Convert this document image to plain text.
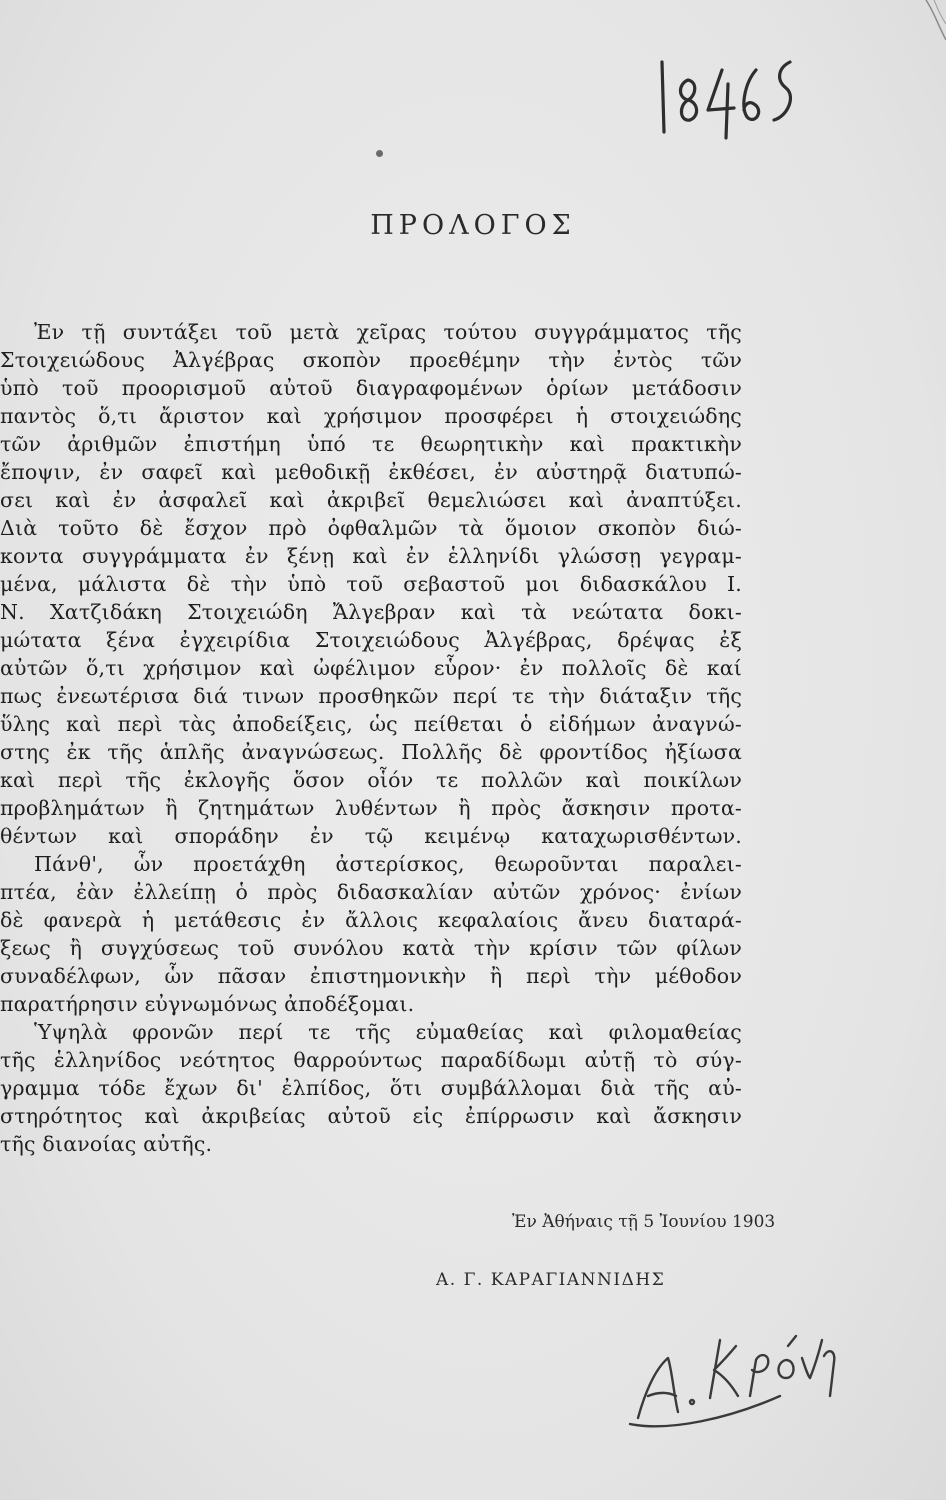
ΠΡΟΛΟΓΟΣ
Ἐν τῇ συντάξει τοῦ μετὰ χεῖρας τούτου συγγράμματος τῆς
Στοιχειώδους Ἀλγέβρας σκοπὸν προεθέμην τὴν ἐντὸς τῶν
ὑπὸ τοῦ προορισμοῦ αὐτοῦ διαγραφομένων ὁρίων μετάδοσιν
παντὸς ὅ,τι ἄριστον καὶ χρήσιμον προσφέρει ἡ στοιχειώδης
τῶν ἀριθμῶν ἐπιστήμη ὑπό τε θεωρητικὴν καὶ πρακτικὴν
ἔποψιν, ἐν σαφεῖ καὶ μεθοδικῇ ἐκθέσει, ἐν αὐστηρᾷ διατυπώ-
σει καὶ ἐν ἀσφαλεῖ καὶ ἀκριβεῖ θεμελιώσει καὶ ἀναπτύξει.
Διὰ τοῦτο δὲ ἔσχον πρὸ ὀφθαλμῶν τὰ ὅμοιον σκοπὸν διώ-
κοντα συγγράμματα ἐν ξένῃ καὶ ἐν ἑλληνίδι γλώσσῃ γεγραμ-
μένα, μάλιστα δὲ τὴν ὑπὸ τοῦ σεβαστοῦ μοι διδασκάλου Ι.
Ν. Χατζιδάκη Στοιχειώδη Ἄλγεβραν καὶ τὰ νεώτατα δοκι-
μώτατα ξένα ἐγχειρίδια Στοιχειώδους Ἀλγέβρας, δρέψας ἐξ
αὐτῶν ὅ,τι χρήσιμον καὶ ὠφέλιμον εὗρον· ἐν πολλοῖς δὲ καί
πως ἐνεωτέρισα διά τινων προσθηκῶν περί τε τὴν διάταξιν τῆς
ὕλης καὶ περὶ τὰς ἀποδείξεις, ὡς πείθεται ὁ εἰδήμων ἀναγνώ-
στης ἐκ τῆς ἁπλῆς ἀναγνώσεως. Πολλῆς δὲ φροντίδος ἠξίωσα
καὶ περὶ τῆς ἐκλογῆς ὅσον οἷόν τε πολλῶν καὶ ποικίλων
προβλημάτων ἢ ζητημάτων λυθέντων ἢ πρὸς ἄσκησιν προτα-
θέντων καὶ σποράδην ἐν τῷ κειμένῳ καταχωρισθέντων.
Πάνθ', ὧν προετάχθη ἀστερίσκος, θεωροῦνται παραλει-
πτέα, ἐὰν ἐλλείπῃ ὁ πρὸς διδασκαλίαν αὐτῶν χρόνος· ἐνίων
δὲ φανερὰ ἡ μετάθεσις ἐν ἄλλοις κεφαλαίοις ἄνευ διαταρά-
ξεως ἢ συγχύσεως τοῦ συνόλου κατὰ τὴν κρίσιν τῶν φίλων
συναδέλφων, ὧν πᾶσαν ἐπιστημονικὴν ἢ περὶ τὴν μέθοδον
παρατήρησιν εὐγνωμόνως ἀποδέξομαι.
Ὑψηλὰ φρονῶν περί τε τῆς εὐμαθείας καὶ φιλομαθείας
τῆς ἑλληνίδος νεότητος θαρρούντως παραδίδωμι αὐτῇ τὸ σύγ-
γραμμα τόδε ἔχων δι' ἐλπίδος, ὅτι συμβάλλομαι διὰ τῆς αὐ-
στηρότητος καὶ ἀκριβείας αὐτοῦ εἰς ἐπίρρωσιν καὶ ἄσκησιν
τῆς διανοίας αὐτῆς.
Ἐν Ἀθήναις τῇ 5 Ἰουνίου 1903
Α. Γ. ΚΑΡΑΓΙΑΝΝΙΔΗΣ
